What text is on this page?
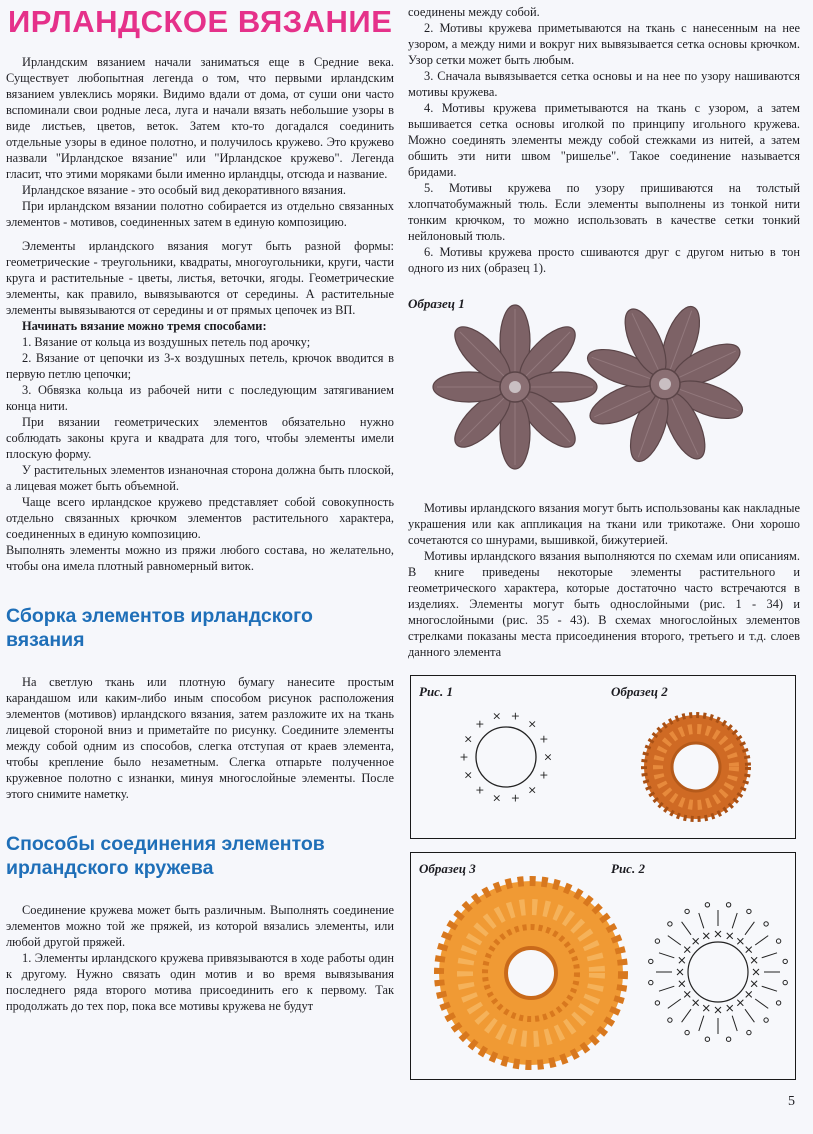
ИРЛАНДСКОЕ ВЯЗАНИЕ

Ирландским вязанием начали заниматься еще в Средние века. Существует любопытная легенда о том, что первыми ирландским вязанием увлеклись моряки. Видимо вдали от дома, от суши они часто вспоминали свои родные леса, луга и начали вязать небольшие узоры в виде листьев, цветов, веток. Затем кто-то догадался соединить отдельные узоры в единое полотно, и получилось кружево. Это кружево назвали "Ирландское вязание" или "Ирландское кружево". Легенда гласит, что этими моряками были именно ирландцы, отсюда и название.

Ирландское вязание - это особый вид декоративного вязания.

При ирландском вязании полотно собирается из отдельно связанных элементов - мотивов, соединенных затем в единую композицию.

Элементы ирландского вязания могут быть разной формы: геометрические - треугольники, квадраты, многоугольники, круги, части круга и растительные - цветы, листья, веточки, ягоды. Геометрические элементы, как правило, вывязываются от середины. А растительные элементы вывязываются от середины и от прямых цепочек из ВП.

Начинать вязание можно тремя способами:

1. Вязание от кольца из воздушных петель под арочку;

2. Вязание от цепочки из 3-х воздушных петель, крючок вводится в первую петлю цепочки;

3. Обвязка кольца из рабочей нити с последующим затягиванием конца нити.

При вязании геометрических элементов обязательно нужно соблюдать законы круга и квадрата для того, чтобы элементы имели плоскую форму.

У растительных элементов изнаночная сторона должна быть плоской, а лицевая может быть объемной.

Чаще всего ирландское кружево представляет собой совокупность отдельно связанных крючком элементов растительного характера, соединенных в единую композицию.

Выполнять элементы можно из пряжи любого состава, но желательно, чтобы она имела плотный равномерный виток.

Сборка элементов ирландского вязания

На светлую ткань или плотную бумагу нанесите простым карандашом или каким-либо иным способом рисунок расположения элементов (мотивов) ирландского вязания, затем разложите их на ткань лицевой стороной вниз и приметайте по рисунку. Соедините элементы между собой одним из способов, слегка отступая от краев элемента, чтобы крепление было незаметным. Слегка отпарьте полученное кружевное полотно с изнанки, минуя многослойные элементы. После этого снимите наметку.

Способы соединения элементов
ирландского кружева

Соединение кружева может быть различным. Выполнять соединение элементов можно той же пряжей, из которой вязались элементы, или любой другой пряжей.

1. Элементы ирландского кружева привязываются в ходе работы один к другому. Нужно связать один мотив и во время вывязывания последнего ряда второго мотива присоединить его к первому. Так продолжать до тех пор, пока все мотивы кружева не будут

соединены между собой.

2. Мотивы кружева приметываются на ткань с нанесенным на нее узором, а между ними и вокруг них вывязывается сетка основы крючком. Узор сетки может быть любым.

3. Сначала вывязывается сетка основы и на нее по узору нашиваются мотивы кружева.

4. Мотивы кружева приметываются на ткань с узором, а затем вышивается сетка основы иголкой по принципу игольного кружева. Можно соединять элементы между собой стежками из нитей, а затем обшить эти нити швом "ришелье". Такое соединение называется бридами.

5. Мотивы кружева по узору пришиваются на толстый хлопчатобумажный тюль. Если элементы выполнены из тонкой нити тонким крючком, то можно использовать в качестве сетки тонкий нейлоновый тюль.

6. Мотивы кружева просто сшиваются друг с другом нитью в тон одного из них (образец 1).

Образец 1

Мотивы ирландского вязания могут быть использованы как накладные украшения или как аппликация на ткани или трикотаже. Они хорошо сочетаются со шнурами, вышивкой, бижутерией.

Мотивы ирландского вязания выполняются по схемам или описаниям. В книге приведены некоторые элементы растительного и геометрического характера, которые достаточно часто встречаются в изделиях. Элементы могут быть однослойными (рис. 1 - 34) и многослойными (рис. 35 - 43). В схемах многослойных элементов стрелками показаны места присоединения второго, третьего и т.д. слоев данного элемента

Рис. 1	Образец 2
×
+
×
+
×
+
×
+
×
+
× +
×
+
Образец 3	Рис. 2
5
